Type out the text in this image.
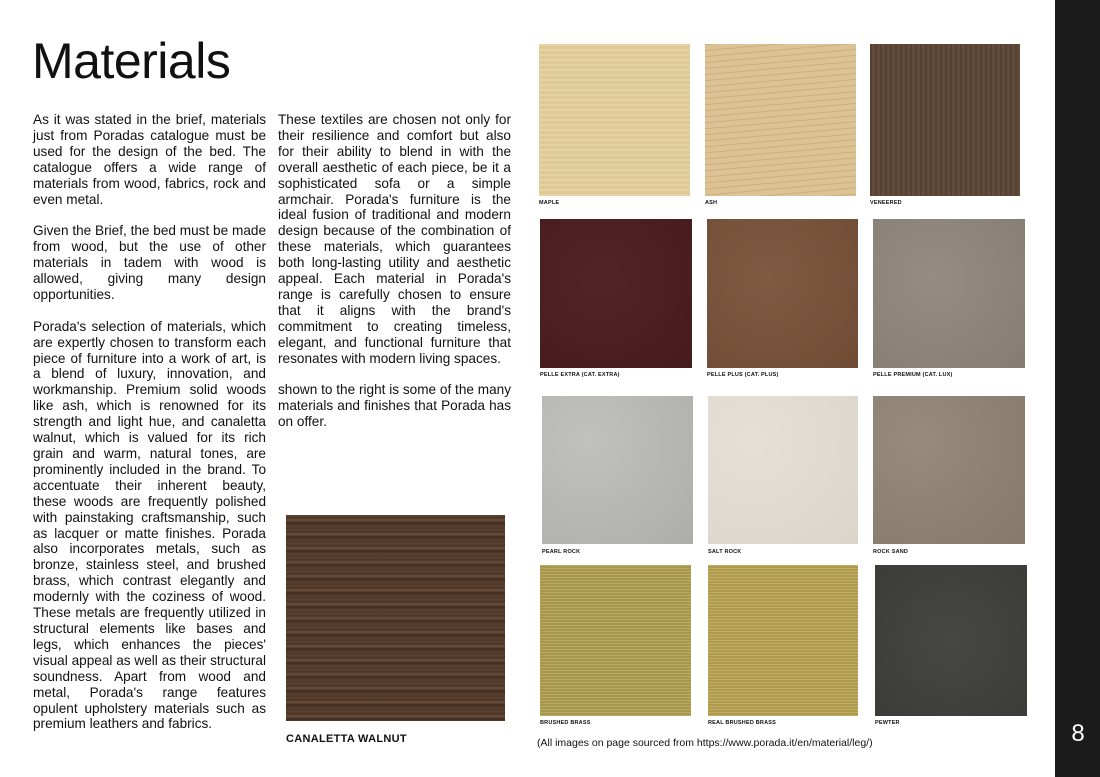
Materials

As it was stated in the brief, materials just from Poradas catalogue must be used for the design of the bed. The catalogue offers a wide range of materials from wood, fabrics, rock and even metal.

Given the Brief, the bed must be made from wood, but the use of other materials in tadem with wood is allowed, giving many design opportunities.

Porada's selection of materials, which are expertly chosen to transform each piece of furniture into a work of art, is a blend of luxury, innovation, and workmanship. Premium solid woods like ash, which is renowned for its strength and light hue, and canaletta walnut, which is valued for its rich grain and warm, natural tones, are prominently included in the brand. To accentuate their inherent beauty, these woods are frequently polished with painstaking craftsmanship, such as lacquer or matte finishes. Porada also incorporates metals, such as bronze, stainless steel, and brushed brass, which contrast elegantly and modernly with the coziness of wood. These metals are frequently utilized in structural elements like bases and legs, which enhances the pieces' visual appeal as well as their structural soundness. Apart from wood and metal, Porada's range features opulent upholstery materials such as premium leathers and fabrics.

These textiles are chosen not only for their resilience and comfort but also for their ability to blend in with the overall aesthetic of each piece, be it a sophisticated sofa or a simple armchair. Porada's furniture is the ideal fusion of traditional and modern design because of the combination of these materials, which guarantees both long-lasting utility and aesthetic appeal. Each material in Porada's range is carefully chosen to ensure that it aligns with the brand's commitment to creating timeless, elegant, and functional furniture that resonates with modern living spaces.

shown to the right is some of the many materials and finishes that Porada has on offer.

CANALETTA WALNUT
MAPLE	ASH	VENEERED
PELLE EXTRA (CAT. EXTRA)	PELLE PLUS (CAT. PLUS)	PELLE PREMIUM (CAT. LUX)
PEARL ROCK	SALT ROCK	ROCK SAND
BRUSHED BRASS	REAL BRUSHED BRASS	PEWTER
(All images on page sourced from https://www.porada.it/en/material/leg/)	8
